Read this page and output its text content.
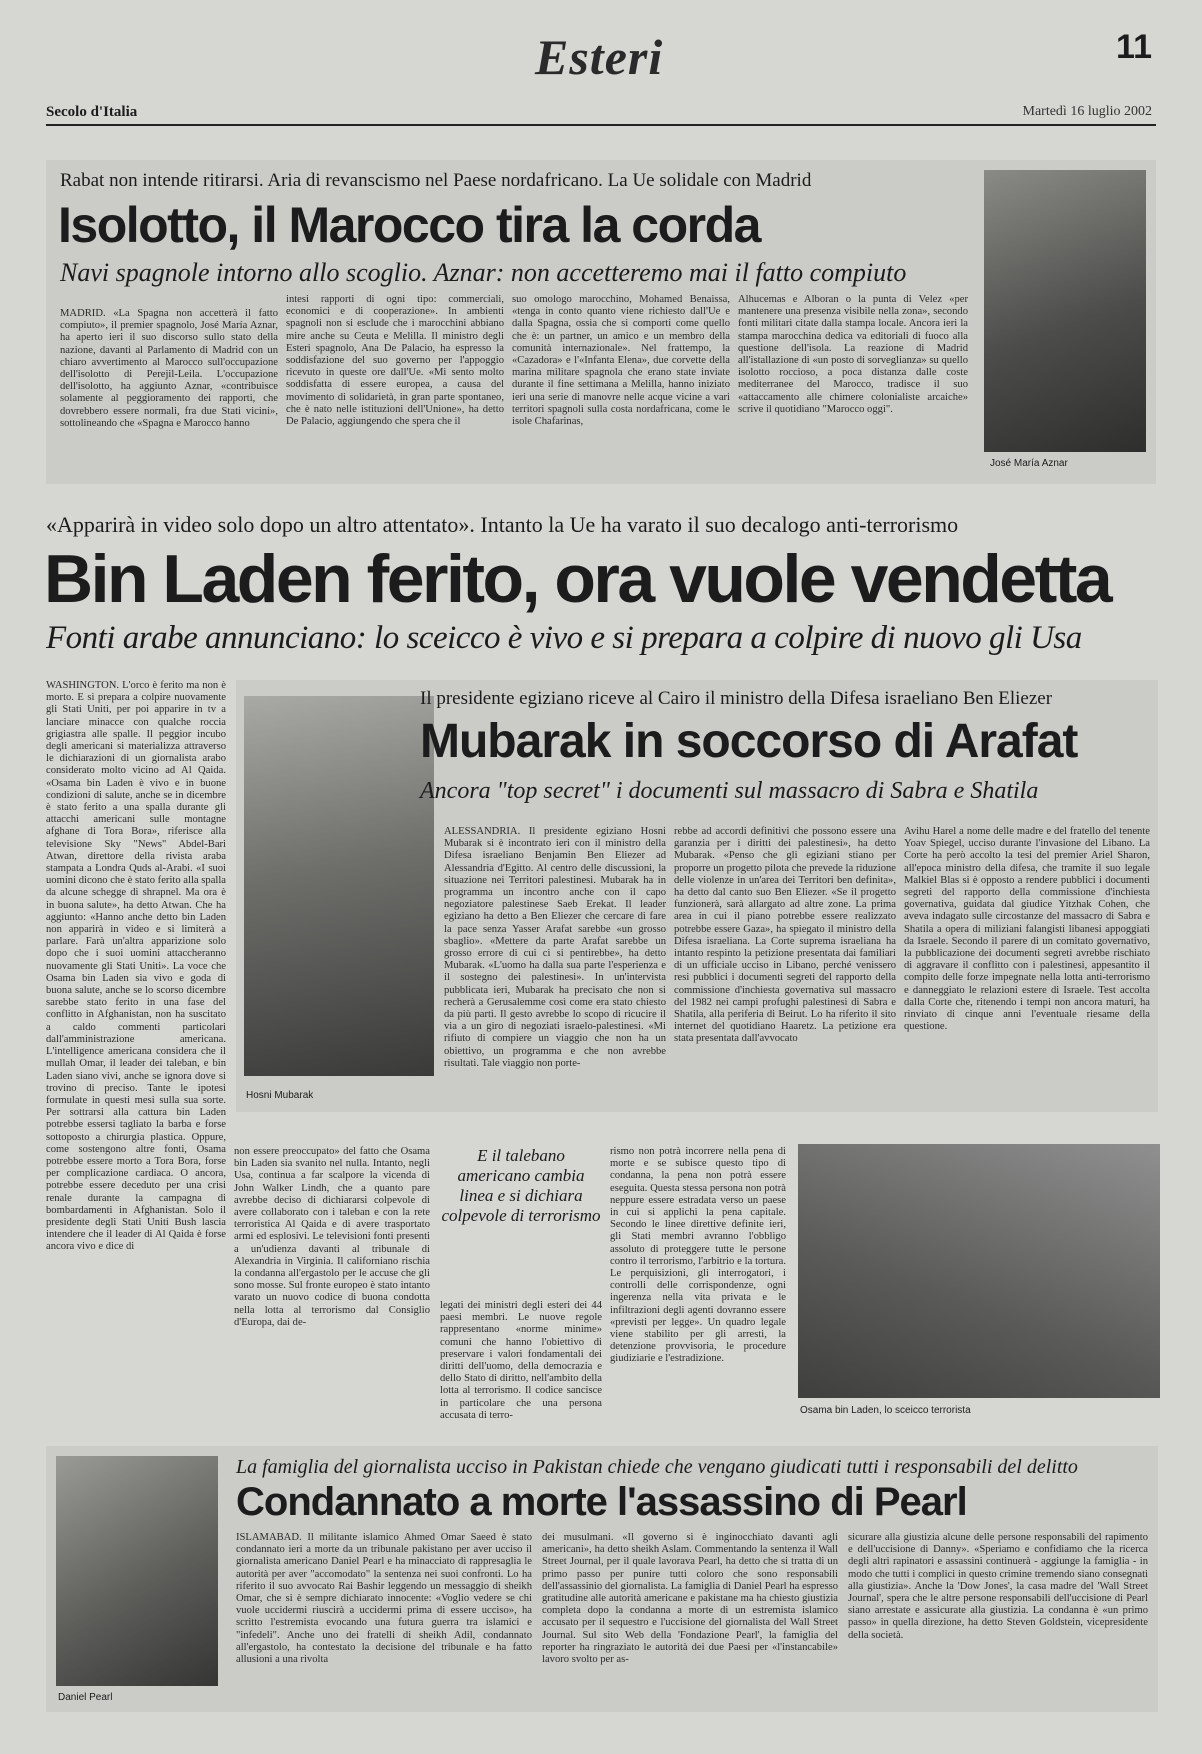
Esteri	11
Secolo d'Italia	Martedì 16 luglio 2002
Rabat non intende ritirarsi. Aria di revanscismo nel Paese nordafricano. La Ue solidale con Madrid
Isolotto, il Marocco tira la corda
Navi spagnole intorno allo scoglio. Aznar: non accetteremo mai il fatto compiuto
MADRID. «La Spagna non accetterà il fatto compiuto», il premier spagnolo, José María Aznar, ha aperto ieri il suo discorso sullo stato della nazione, davanti al Parlamento di Madrid con un chiaro avvertimento al Marocco sull'occupazione dell'isolotto di Perejil-Leila. L'occupazione dell'isolotto, ha aggiunto Aznar, «contribuisce solamente al peggioramento dei rapporti, che dovrebbero essere normali, fra due Stati vicini», sottolineando che «Spagna e Marocco hanno
intesi rapporti di ogni tipo: commerciali, economici e di cooperazione». In ambienti spagnoli non si esclude che i marocchini abbiano mire anche su Ceuta e Melilla. Il ministro degli Esteri spagnolo, Ana De Palacio, ha espresso la soddisfazione del suo governo per l'appoggio ricevuto in queste ore dall'Ue. «Mi sento molto soddisfatta di essere europea, a causa del movimento di solidarietà, in gran parte spontaneo, che è nato nelle istituzioni dell'Unione», ha detto De Palacio, aggiungendo che spera che il
suo omologo marocchino, Mohamed Benaissa, «tenga in conto quanto viene richiesto dall'Ue e dalla Spagna, ossia che si comporti come quello che è: un partner, un amico e un membro della comunità internazionale». Nel frattempo, la «Cazadora» e l'«Infanta Elena», due corvette della marina militare spagnola che erano state inviate durante il fine settimana a Melilla, hanno iniziato ieri una serie di manovre nelle acque vicine a vari territori spagnoli sulla costa nordafricana, come le isole Chafarinas,
Alhucemas e Alboran o la punta di Velez «per mantenere una presenza visibile nella zona», secondo fonti militari citate dalla stampa locale. Ancora ieri la stampa marocchina dedica va editoriali di fuoco alla questione dell'isola. La reazione di Madrid all'istallazione di «un posto di sorveglianza» su quello isolotto roccioso, a poca distanza dalle coste mediterranee del Marocco, tradisce il suo «attaccamento alle chimere colonialiste arcaiche» scrive il quotidiano "Marocco oggi".
José María Aznar
«Apparirà in video solo dopo un altro attentato». Intanto la Ue ha varato il suo decalogo anti-terrorismo
Bin Laden ferito, ora vuole vendetta
Fonti arabe annunciano: lo sceicco è vivo e si prepara a colpire di nuovo gli Usa
WASHINGTON. L'orco è ferito ma non è morto. E si prepara a colpire nuovamente gli Stati Uniti, per poi apparire in tv a lanciare minacce con qualche roccia grigiastra alle spalle. Il peggior incubo degli americani si materializza attraverso le dichiarazioni di un giornalista arabo considerato molto vicino ad Al Qaida. «Osama bin Laden è vivo e in buone condizioni di salute, anche se in dicembre è stato ferito a una spalla durante gli attacchi americani sulle montagne afghane di Tora Bora», riferisce alla televisione Sky "News" Abdel-Bari Atwan, direttore della rivista araba stampata a Londra Quds al-Arabi. «I suoi uomini dicono che è stato ferito alla spalla da alcune schegge di shrapnel. Ma ora è in buona salute», ha detto Atwan. Che ha aggiunto: «Hanno anche detto bin Laden non apparirà in video e si limiterà a parlare. Farà un'altra apparizione solo dopo che i suoi uomini attaccheranno nuovamente gli Stati Uniti». La voce che Osama bin Laden sia vivo e goda di buona salute, anche se lo scorso dicembre sarebbe stato ferito in una fase del conflitto in Afghanistan, non ha suscitato a caldo commenti particolari dall'amministrazione americana. L'intelligence americana considera che il mullah Omar, il leader dei taleban, e bin Laden siano vivi, anche se ignora dove si trovino di preciso. Tante le ipotesi formulate in questi mesi sulla sua sorte. Per sottrarsi alla cattura bin Laden potrebbe essersi tagliato la barba e forse sottoposto a chirurgia plastica. Oppure, come sostengono altre fonti, Osama potrebbe essere morto a Tora Bora, forse per complicazione cardiaca. O ancora, potrebbe essere deceduto per una crisi renale durante la campagna di bombardamenti in Afghanistan. Solo il presidente degli Stati Uniti Bush lascia intendere che il leader di Al Qaida è forse ancora vivo e dice di
non essere preoccupato» del fatto che Osama bin Laden sia svanito nel nulla. Intanto, negli Usa, continua a far scalpore la vicenda di John Walker Lindh, che a quanto pare avrebbe deciso di dichiararsi colpevole di avere collaborato con i taleban e con la rete terroristica Al Qaida e di avere trasportato armi ed esplosivi. Le televisioni fonti presenti a un'udienza davanti al tribunale di Alexandria in Virginia. Il californiano rischia la condanna all'ergastolo per le accuse che gli sono mosse. Sul fronte europeo è stato intanto varato un nuovo codice di buona condotta nella lotta al terrorismo dal Consiglio d'Europa, dai de-
legati dei ministri degli esteri dei 44 paesi membri. Le nuove regole rappresentano «norme minime» comuni che hanno l'obiettivo di preservare i valori fondamentali dei diritti dell'uomo, della democrazia e dello Stato di diritto, nell'ambito della lotta al terrorismo. Il codice sancisce in particolare che una persona accusata di terro-
rismo non potrà incorrere nella pena di morte e se subisce questo tipo di condanna, la pena non potrà essere eseguita. Questa stessa persona non potrà neppure essere estradata verso un paese in cui si applichi la pena capitale. Secondo le linee direttive definite ieri, gli Stati membri avranno l'obbligo assoluto di proteggere tutte le persone contro il terrorismo, l'arbitrio e la tortura. Le perquisizioni, gli interrogatori, i controlli delle corrispondenze, ogni ingerenza nella vita privata e le infiltrazioni degli agenti dovranno essere «previsti per legge». Un quadro legale viene stabilito per gli arresti, la detenzione provvisoria, le procedure giudiziarie e l'estradizione.
E il talebano americano cambia linea e si dichiara colpevole di terrorismo
Osama bin Laden, lo sceicco terrorista
Hosni Mubarak
Il presidente egiziano riceve al Cairo il ministro della Difesa israeliano Ben Eliezer
Mubarak in soccorso di Arafat
Ancora "top secret" i documenti sul massacro di Sabra e Shatila
ALESSANDRIA. Il presidente egiziano Hosni Mubarak si è incontrato ieri con il ministro della Difesa israeliano Benjamin Ben Eliezer ad Alessandria d'Egitto. Al centro delle discussioni, la situazione nei Territori palestinesi. Mubarak ha in programma un incontro anche con il capo negoziatore palestinese Saeb Erekat. Il leader egiziano ha detto a Ben Eliezer che cercare di fare la pace senza Yasser Arafat sarebbe «un grosso sbaglio». «Mettere da parte Arafat sarebbe un grosso errore di cui ci si pentirebbe», ha detto Mubarak. «L'uomo ha dalla sua parte l'esperienza e il sostegno dei palestinesi». In un'intervista pubblicata ieri, Mubarak ha precisato che non si recherà a Gerusalemme così come era stato chiesto da più parti. Il gesto avrebbe lo scopo di ricucire il via a un giro di negoziati israelo-palestinesi. «Mi rifiuto di compiere un viaggio che non ha un obiettivo, un programma e che non avrebbe risultati. Tale viaggio non porte-
rebbe ad accordi definitivi che possono essere una garanzia per i diritti dei palestinesi», ha detto Mubarak. «Penso che gli egiziani stiano per proporre un progetto pilota che prevede la riduzione delle violenze in un'area dei Territori ben definita», ha detto dal canto suo Ben Eliezer. «Se il progetto funzionerà, sarà allargato ad altre zone. La prima area in cui il piano potrebbe essere realizzato potrebbe essere Gaza», ha spiegato il ministro della Difesa israeliana. La Corte suprema israeliana ha intanto respinto la petizione presentata dai familiari di un ufficiale ucciso in Libano, perché venissero resi pubblici i documenti segreti del rapporto della commissione d'inchiesta governativa sul massacro del 1982 nei campi profughi palestinesi di Sabra e Shatila, alla periferia di Beirut. Lo ha riferito il sito internet del quotidiano Haaretz. La petizione era stata presentata dall'avvocato
Avihu Harel a nome delle madre e del fratello del tenente Yoav Spiegel, ucciso durante l'invasione del Libano. La Corte ha però accolto la tesi del premier Ariel Sharon, all'epoca ministro della difesa, che tramite il suo legale Malkiel Blas si è opposto a rendere pubblici i documenti segreti del rapporto della commissione d'inchiesta governativa, guidata dal giudice Yitzhak Cohen, che aveva indagato sulle circostanze del massacro di Sabra e Shatila a opera di miliziani falangisti libanesi appoggiati da Israele. Secondo il parere di un comitato governativo, la pubblicazione dei documenti segreti avrebbe rischiato di aggravare il conflitto con i palestinesi, appesantito il compito delle forze impegnate nella lotta anti-terrorismo e danneggiato le relazioni estere di Israele. Test accolta dalla Corte che, ritenendo i tempi non ancora maturi, ha rinviato di cinque anni l'eventuale riesame della questione.
Daniel Pearl
La famiglia del giornalista ucciso in Pakistan chiede che vengano giudicati tutti i responsabili del delitto
Condannato a morte l'assassino di Pearl
ISLAMABAD. Il militante islamico Ahmed Omar Saeed è stato condannato ieri a morte da un tribunale pakistano per aver ucciso il giornalista americano Daniel Pearl e ha minacciato di rappresaglia le autorità per aver "accomodato" la sentenza nei suoi confronti. Lo ha riferito il suo avvocato Rai Bashir leggendo un messaggio di sheikh Omar, che si è sempre dichiarato innocente: «Voglio vedere se chi vuole uccidermi riuscirà a uccidermi prima di essere ucciso», ha scritto l'estremista evocando una futura guerra tra islamici e "infedeli". Anche uno dei fratelli di sheikh Adil, condannato all'ergastolo, ha contestato la decisione del tribunale e ha fatto allusioni a una rivolta
dei musulmani. «Il governo si è inginocchiato davanti agli americani», ha detto sheikh Aslam. Commentando la sentenza il Wall Street Journal, per il quale lavorava Pearl, ha detto che si tratta di un primo passo per punire tutti coloro che sono responsabili dell'assassinio del giornalista. La famiglia di Daniel Pearl ha espresso gratitudine alle autorità americane e pakistane ma ha chiesto giustizia completa dopo la condanna a morte di un estremista islamico accusato per il sequestro e l'uccisione del giornalista del Wall Street Journal. Sul sito Web della 'Fondazione Pearl', la famiglia del reporter ha ringraziato le autorità dei due Paesi per «l'instancabile» lavoro svolto per as-
sicurare alla giustizia alcune delle persone responsabili del rapimento e dell'uccisione di Danny». «Speriamo e confidiamo che la ricerca degli altri rapinatori e assassini continuerà - aggiunge la famiglia - in modo che tutti i complici in questo crimine tremendo siano consegnati alla giustizia». Anche la 'Dow Jones', la casa madre del 'Wall Street Journal', spera che le altre persone responsabili dell'uccisione di Pearl siano arrestate e assicurate alla giustizia. La condanna è «un primo passo» in quella direzione, ha detto Steven Goldstein, vicepresidente della società.
